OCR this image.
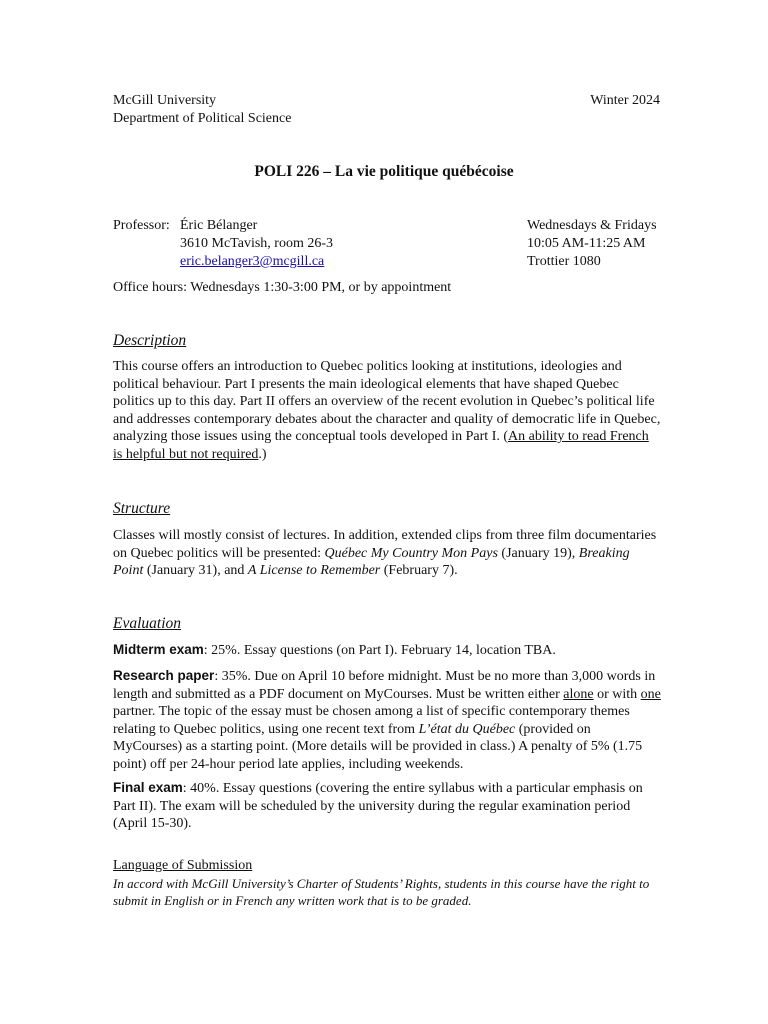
McGill University
Department of Political Science
Winter 2024
POLI 226 – La vie politique québécoise
Professor: Éric Bélanger
3610 McTavish, room 26-3
eric.belanger3@mcgill.ca
Wednesdays & Fridays
10:05 AM-11:25 AM
Trottier 1080
Office hours: Wednesdays 1:30-3:00 PM, or by appointment
Description
This course offers an introduction to Quebec politics looking at institutions, ideologies and political behaviour. Part I presents the main ideological elements that have shaped Quebec politics up to this day. Part II offers an overview of the recent evolution in Quebec’s political life and addresses contemporary debates about the character and quality of democratic life in Quebec, analyzing those issues using the conceptual tools developed in Part I. (An ability to read French is helpful but not required.)
Structure
Classes will mostly consist of lectures. In addition, extended clips from three film documentaries on Quebec politics will be presented: Québec My Country Mon Pays (January 19), Breaking Point (January 31), and A License to Remember (February 7).
Evaluation
Midterm exam: 25%. Essay questions (on Part I). February 14, location TBA.
Research paper: 35%. Due on April 10 before midnight. Must be no more than 3,000 words in length and submitted as a PDF document on MyCourses. Must be written either alone or with one partner. The topic of the essay must be chosen among a list of specific contemporary themes relating to Quebec politics, using one recent text from L’état du Québec (provided on MyCourses) as a starting point. (More details will be provided in class.) A penalty of 5% (1.75 point) off per 24-hour period late applies, including weekends.
Final exam: 40%. Essay questions (covering the entire syllabus with a particular emphasis on Part II). The exam will be scheduled by the university during the regular examination period (April 15-30).
Language of Submission
In accord with McGill University’s Charter of Students’ Rights, students in this course have the right to submit in English or in French any written work that is to be graded.
